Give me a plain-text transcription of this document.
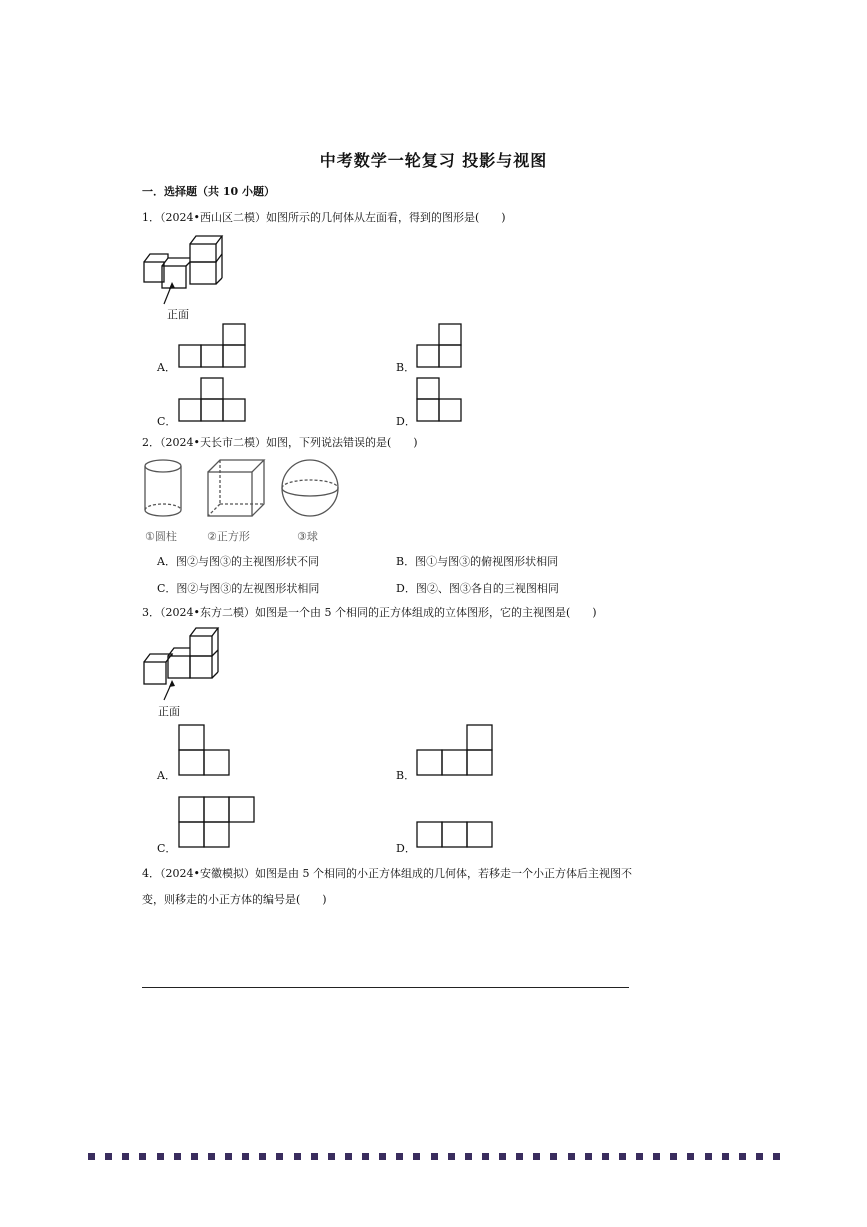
中考数学一轮复习 投影与视图
一．选择题（共 10 小题）
1．（2024•西山区二模）如图所示的几何体从左面看，得到的图形是(　　)
正面
A．	B．
C．	D．
2．（2024•天长市二模）如图，下列说法错误的是(　　)
①圆柱	②正方形	③球
A．图②与图③的主视图形状不同	B．图①与图③的俯视图形状相同
C．图②与图③的左视图形状相同	D．图②、图③各自的三视图相同
3．（2024•东方二模）如图是一个由 5 个相同的正方体组成的立体图形，它的主视图是(　　)
正面
A．	B．
C．	D．
4．（2024•安徽模拟）如图是由 5 个相同的小正方体组成的几何体，若移走一个小正方体后主视图不
变，则移走的小正方体的编号是(　　)
